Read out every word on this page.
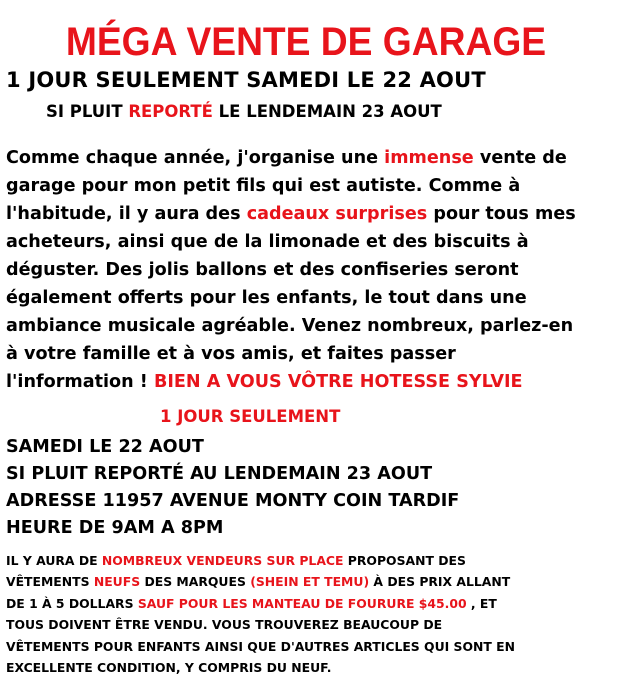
MÉGA VENTE DE GARAGE
1 JOUR SEULEMENT SAMEDI LE 22 AOUT
SI PLUIT REPORTÉ LE LENDEMAIN 23 AOUT
Comme chaque année, j'organise une immense vente de
garage pour mon petit fils qui est autiste. Comme à
l'habitude, il y aura des cadeaux surprises pour tous mes
acheteurs, ainsi que de la limonade et des biscuits à
déguster. Des jolis ballons et des confiseries seront
également offerts pour les enfants, le tout dans une
ambiance musicale agréable. Venez nombreux, parlez-en
à votre famille et à vos amis, et faites passer
l'information ! BIEN A VOUS VÔTRE HOTESSE SYLVIE
1 JOUR SEULEMENT
SAMEDI LE 22 AOUT
SI PLUIT REPORTÉ AU LENDEMAIN 23 AOUT
ADRESSE 11957 AVENUE MONTY COIN TARDIF
HEURE DE 9AM A 8PM
IL Y AURA DE NOMBREUX VENDEURS SUR PLACE PROPOSANT DES
VÊTEMENTS NEUFS DES MARQUES (SHEIN ET TEMU) À DES PRIX ALLANT
DE 1 À 5 DOLLARS SAUF POUR LES MANTEAU DE FOURURE $45.00 , ET
TOUS DOIVENT ÊTRE VENDU. VOUS TROUVEREZ BEAUCOUP DE
VÊTEMENTS POUR ENFANTS AINSI QUE D'AUTRES ARTICLES QUI SONT EN
EXCELLENTE CONDITION, Y COMPRIS DU NEUF.
